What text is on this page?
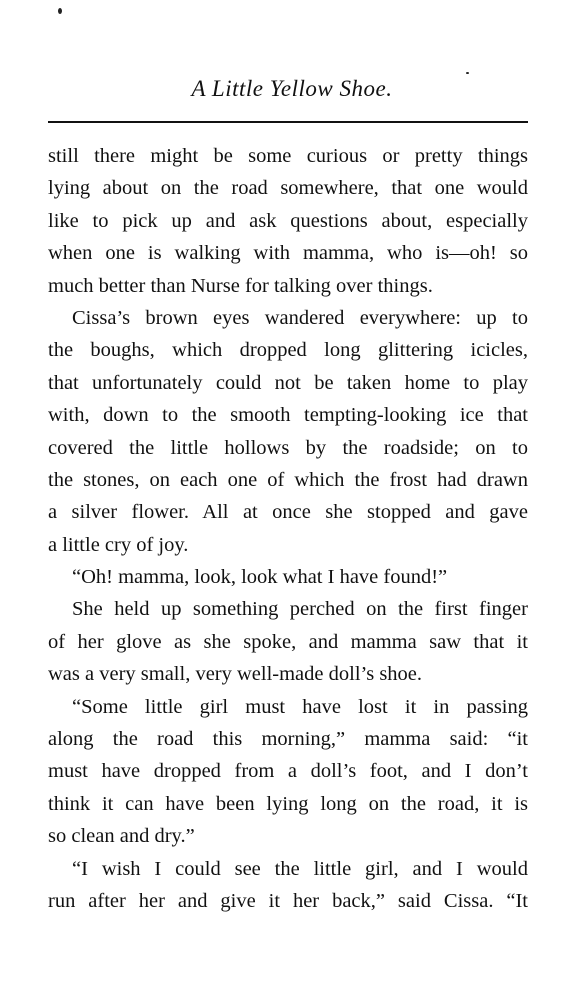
A Little Yellow Shoe.
still there might be some curious or pretty things
lying about on the road somewhere, that one would
like to pick up and ask questions about, especially
when one is walking with mamma, who is—oh! so
much better than Nurse for talking over things.
Cissa’s brown eyes wandered everywhere: up to
the boughs, which dropped long glittering icicles,
that unfortunately could not be taken home to play
with, down to the smooth tempting-looking ice that
covered the little hollows by the roadside; on to
the stones, on each one of which the frost had drawn
a silver flower. All at once she stopped and gave
a little cry of joy.
“Oh! mamma, look, look what I have found!”
She held up something perched on the first finger
of her glove as she spoke, and mamma saw that it
was a very small, very well-made doll’s shoe.
“Some little girl must have lost it in passing
along the road this morning,” mamma said: “it
must have dropped from a doll’s foot, and I don’t
think it can have been lying long on the road, it is
so clean and dry.”
“I wish I could see the little girl, and I would
run after her and give it her back,” said Cissa. “It
